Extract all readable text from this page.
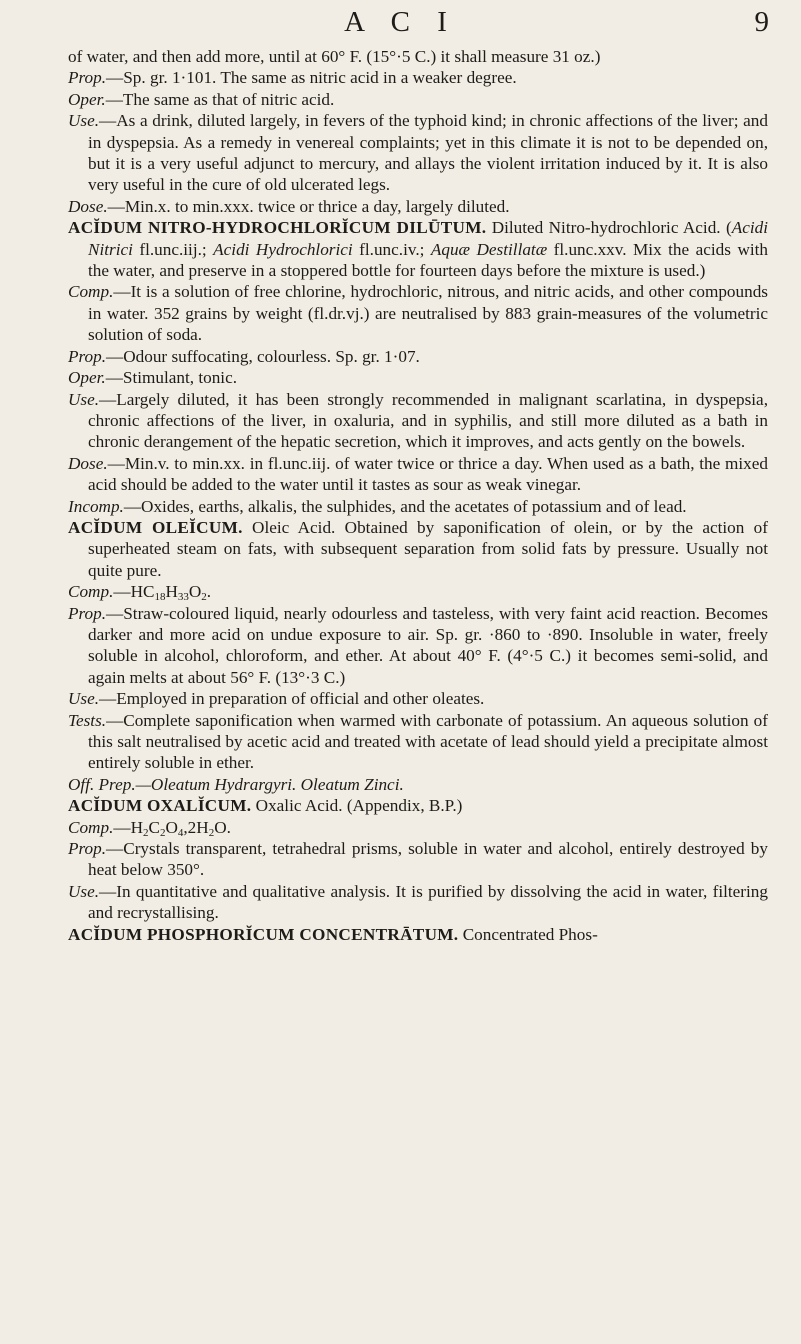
A C I	9

of water, and then add more, until at 60° F. (15°·5 C.) it shall measure 31 oz.)

Prop.—Sp. gr. 1·101. The same as nitric acid in a weaker degree.

Oper.—The same as that of nitric acid.

Use.—As a drink, diluted largely, in fevers of the typhoid kind; in chronic affections of the liver; and in dyspepsia. As a remedy in venereal complaints; yet in this climate it is not to be depended on, but it is a very useful adjunct to mercury, and allays the violent irritation induced by it. It is also very useful in the cure of old ulcerated legs.

Dose.—Min.x. to min.xxx. twice or thrice a day, largely diluted.

ACĬDUM NITRO-HYDROCHLORĬCUM DILŪTUM. Diluted Nitro-hydrochloric Acid. (Acidi Nitrici fl.unc.iij.; Acidi Hydrochlorici fl.unc.iv.; Aquæ Destillatæ fl.unc.xxv. Mix the acids with the water, and preserve in a stoppered bottle for fourteen days before the mixture is used.)

Comp.—It is a solution of free chlorine, hydrochloric, nitrous, and nitric acids, and other compounds in water. 352 grains by weight (fl.dr.vj.) are neutralised by 883 grain-measures of the volumetric solution of soda.

Prop.—Odour suffocating, colourless. Sp. gr. 1·07.

Oper.—Stimulant, tonic.

Use.—Largely diluted, it has been strongly recommended in malignant scarlatina, in dyspepsia, chronic affections of the liver, in oxaluria, and in syphilis, and still more diluted as a bath in chronic derangement of the hepatic secretion, which it improves, and acts gently on the bowels.

Dose.—Min.v. to min.xx. in fl.unc.iij. of water twice or thrice a day. When used as a bath, the mixed acid should be added to the water until it tastes as sour as weak vinegar.

Incomp.—Oxides, earths, alkalis, the sulphides, and the acetates of potassium and of lead.

ACĬDUM OLEĬCUM. Oleic Acid. Obtained by saponification of olein, or by the action of superheated steam on fats, with subsequent separation from solid fats by pressure. Usually not quite pure.

$Comp.—HC_{18}H_{33}O_2$.

Prop.—Straw-coloured liquid, nearly odourless and tasteless, with very faint acid reaction. Becomes darker and more acid on undue exposure to air. Sp. gr. ·860 to ·890. Insoluble in water, freely soluble in alcohol, chloroform, and ether. At about 40° F. (4°·5 C.) it becomes semi-solid, and again melts at about 56° F. (13°·3 C.)

Use.—Employed in preparation of official and other oleates.

Tests.—Complete saponification when warmed with carbonate of potassium. An aqueous solution of this salt neutralised by acetic acid and treated with acetate of lead should yield a precipitate almost entirely soluble in ether.

Off. Prep.—Oleatum Hydrargyri. Oleatum Zinci.

ACĬDUM OXALĬCUM. Oxalic Acid. (Appendix, B.P.)

$Comp.—H_2C_2O_4,2H_2O$.

Prop.—Crystals transparent, tetrahedral prisms, soluble in water and alcohol, entirely destroyed by heat below 350°.

Use.—In quantitative and qualitative analysis. It is purified by dissolving the acid in water, filtering and recrystallising.

ACĬDUM PHOSPHORĬCUM CONCENTRĀTUM. Concentrated Phos-
